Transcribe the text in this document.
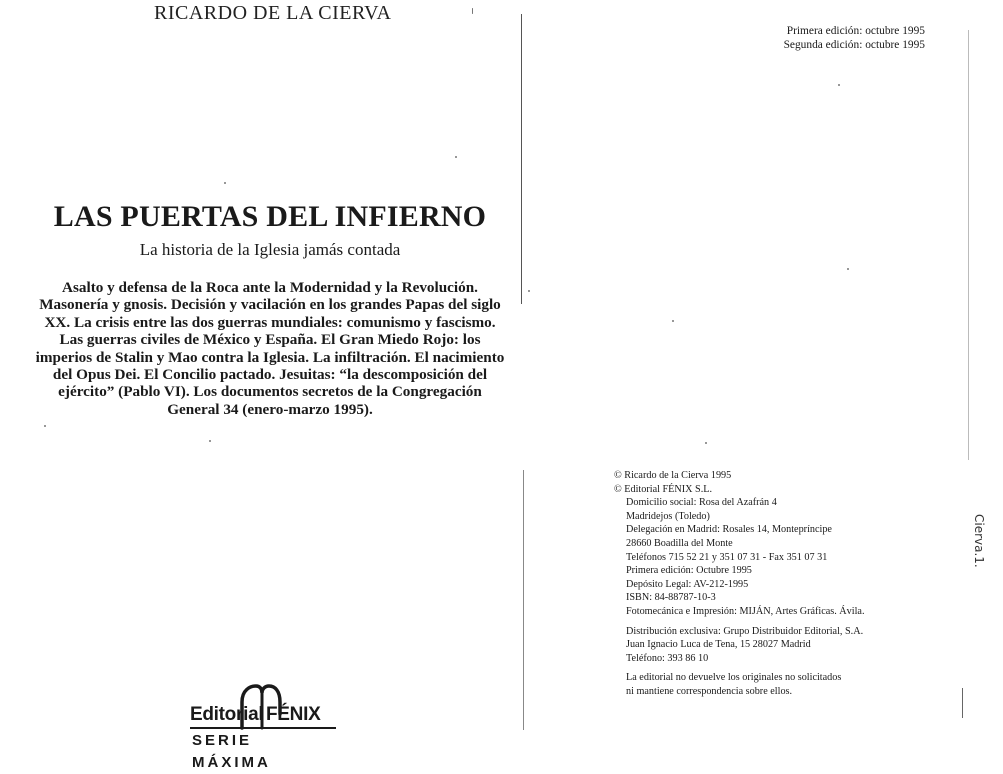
RICARDO DE LA CIERVA
LAS PUERTAS DEL INFIERNO
La historia de la Iglesia jamás contada
Asalto y defensa de la Roca ante la Modernidad y la Revolución.
Masonería y gnosis. Decisión y vacilación en los grandes Papas del siglo
XX. La crisis entre las dos guerras mundiales: comunismo y fascismo.
Las guerras civiles de México y España. El Gran Miedo Rojo: los
imperios de Stalin y Mao contra la Iglesia. La infiltración. El nacimiento
del Opus Dei. El Concilio pactado. Jesuitas: “la descomposición del
ejército” (Pablo VI). Los documentos secretos de la Congregación
General 34 (enero-marzo 1995).
Editorial FÉNIX
SERIE MÁXIMA
Primera edición: octubre 1995
Segunda edición: octubre 1995
© Ricardo de la Cierva 1995
© Editorial FÉNIX S.L.
Domicilio social: Rosa del Azafrán 4
Madridejos (Toledo)
Delegación en Madrid: Rosales 14, Montepríncipe
28660 Boadilla del Monte
Teléfonos 715 52 21 y 351 07 31 - Fax 351 07 31
Primera edición: Octubre 1995
Depósito Legal: AV-212-1995
ISBN: 84-88787-10-3
Fotomecánica e Impresión: MIJÁN, Artes Gráficas. Ávila.
Distribución exclusiva: Grupo Distribuidor Editorial, S.A.
Juan Ignacio Luca de Tena, 15 28027 Madrid
Teléfono: 393 86 10
La editorial no devuelve los originales no solicitados
ni mantiene correspondencia sobre ellos.
Cierva.1.
